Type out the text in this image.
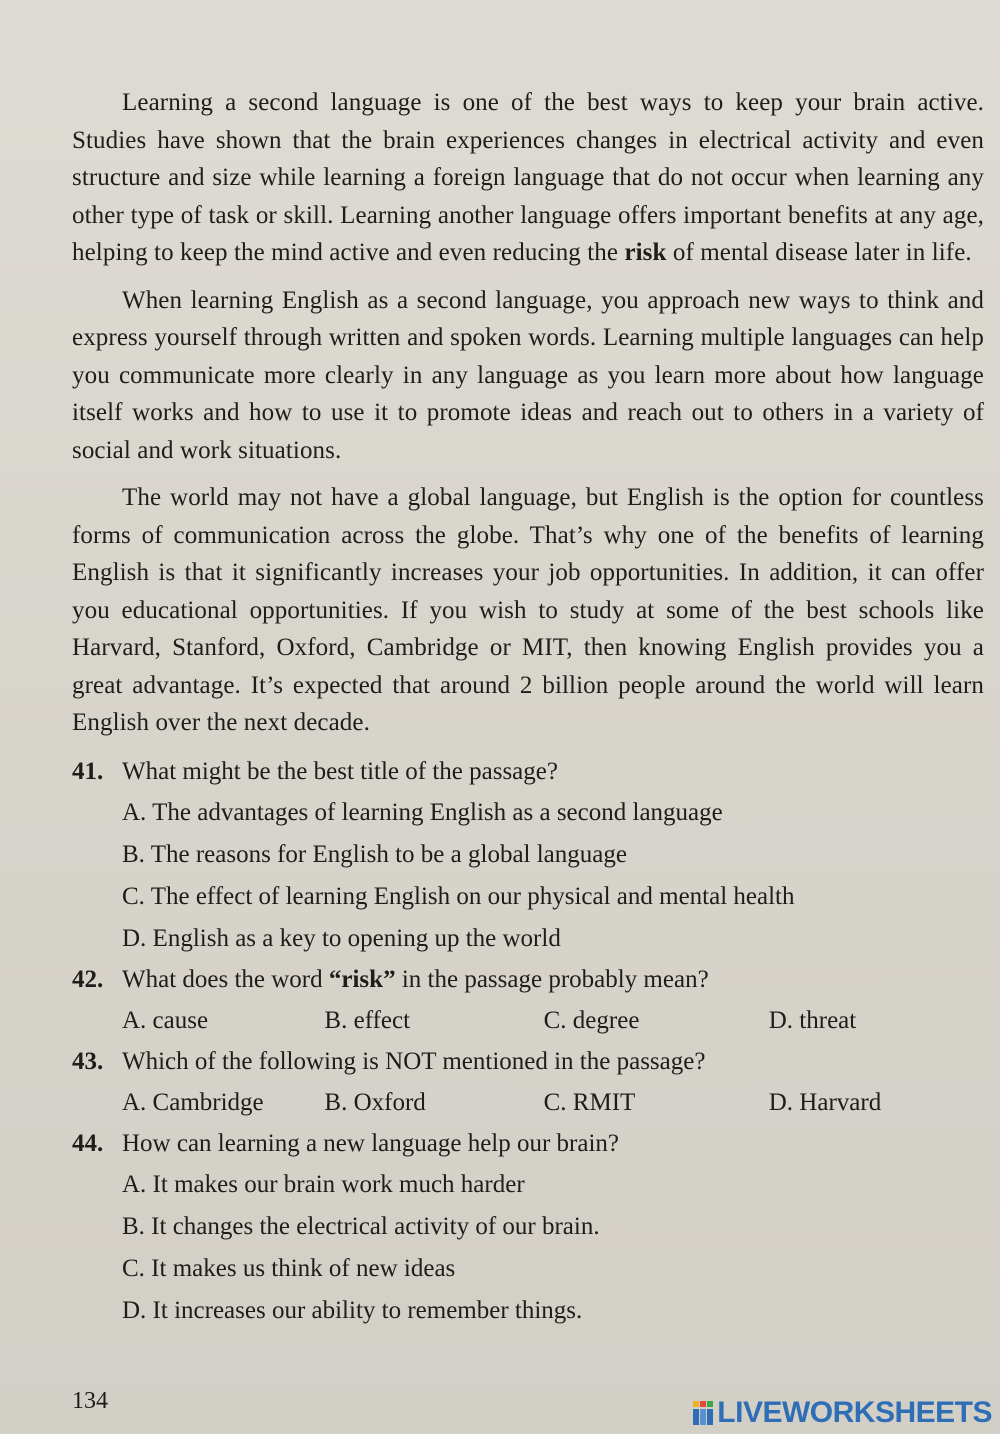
Learning a second language is one of the best ways to keep your brain active. Studies have shown that the brain experiences changes in electrical activity and even structure and size while learning a foreign language that do not occur when learning any other type of task or skill. Learning another language offers important benefits at any age, helping to keep the mind active and even reducing the risk of mental disease later in life.

When learning English as a second language, you approach new ways to think and express yourself through written and spoken words. Learning multiple languages can help you communicate more clearly in any language as you learn more about how language itself works and how to use it to promote ideas and reach out to others in a variety of social and work situations.

The world may not have a global language, but English is the option for countless forms of communication across the globe. That’s why one of the benefits of learning English is that it significantly increases your job opportunities. In addition, it can offer you educational opportunities. If you wish to study at some of the best schools like Harvard, Stanford, Oxford, Cambridge or MIT, then knowing English provides you a great advantage. It’s expected that around 2 billion people around the world will learn English over the next decade.

41. What might be the best title of the passage?
A. The advantages of learning English as a second language
B. The reasons for English to be a global language
C. The effect of learning English on our physical and mental health
D. English as a key to opening up the world
42. What does the word “risk” in the passage probably mean?
A. cause	B. effect	C. degree	D. threat
43. Which of the following is NOT mentioned in the passage?
A. Cambridge	B. Oxford	C. RMIT	D. Harvard
44. How can learning a new language help our brain?
A. It makes our brain work much harder
B. It changes the electrical activity of our brain.
C. It makes us think of new ideas
D. It increases our ability to remember things.
134	LIVEWORKSHEETS
